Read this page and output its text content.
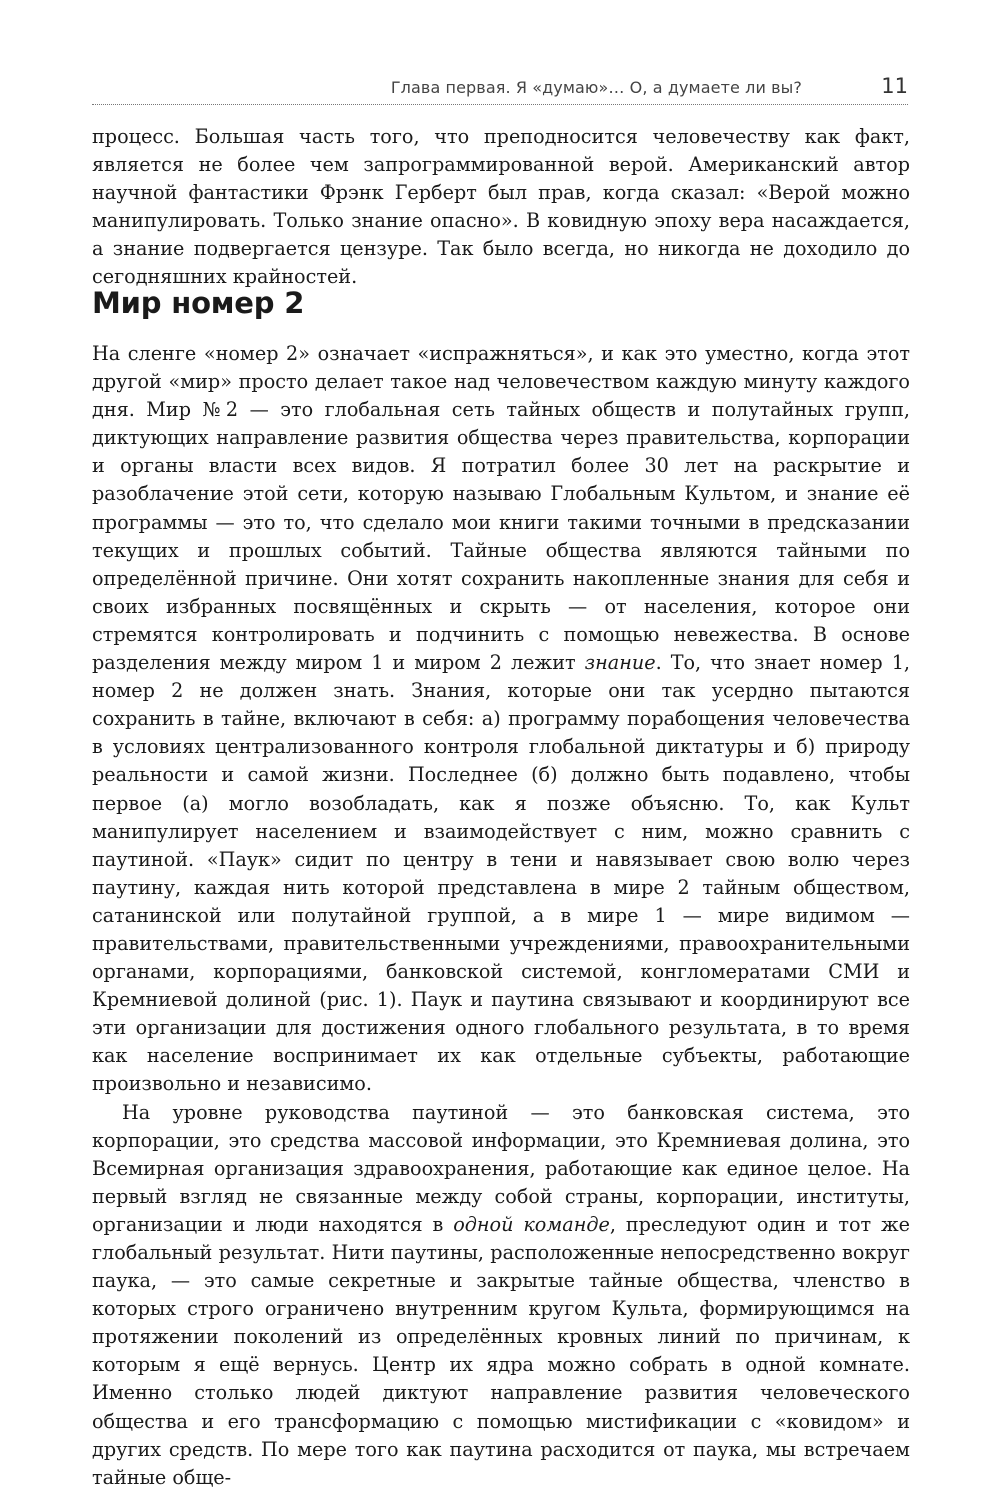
Глава первая. Я «думаю»… О, а думаете ли вы?	11

процесс. Большая часть того, что преподносится человечеству как факт, является не более чем запрограммированной верой. Американский автор научной фантастики Фрэнк Герберт был прав, когда сказал: «Верой можно манипулировать. Только знание опасно». В ковидную эпоху вера насаждается, а знание подвергается цензуре. Так было всегда, но никогда не доходило до сегодняшних крайностей.

Мир номер 2

На сленге «номер 2» означает «испражняться», и как это уместно, когда этот другой «мир» просто делает такое над человечеством каждую минуту каждого дня. Мир №2 — это глобальная сеть тайных обществ и полутайных групп, диктующих направление развития общества через правительства, корпорации и органы власти всех видов. Я потратил более 30 лет на раскрытие и разоблачение этой сети, которую называю Глобальным Культом, и знание её программы — это то, что сделало мои книги такими точными в предсказании текущих и прошлых событий. Тайные общества являются тайными по определённой причине. Они хотят сохранить накопленные знания для себя и своих избранных посвящённых и скрыть — от населения, которое они стремятся контролировать и подчинить с помощью невежества. В основе разделения между миром 1 и миром 2 лежит знание. То, что знает номер 1, номер 2 не должен знать. Знания, которые они так усердно пытаются сохранить в тайне, включают в себя: а) программу порабощения человечества в условиях централизованного контроля глобальной диктатуры и б) природу реальности и самой жизни. Последнее (б) должно быть подавлено, чтобы первое (а) могло возобладать, как я позже объясню. То, как Культ манипулирует населением и взаимодействует с ним, можно сравнить с паутиной. «Паук» сидит по центру в тени и навязывает свою волю через паутину, каждая нить которой представлена в мире 2 тайным обществом, сатанинской или полутайной группой, а в мире 1 — мире видимом — правительствами, правительственными учреждениями, правоохранительными органами, корпорациями, банковской системой, конгломератами СМИ и Кремниевой долиной (рис. 1). Паук и паутина связывают и координируют все эти организации для достижения одного глобального результата, в то время как население воспринимает их как отдельные субъекты, работающие произвольно и независимо.

На уровне руководства паутиной — это банковская система, это корпорации, это средства массовой информации, это Кремниевая долина, это Всемирная организация здравоохранения, работающие как единое целое. На первый взгляд не связанные между собой страны, корпорации, институты, организации и люди находятся в одной команде, преследуют один и тот же глобальный результат. Нити паутины, расположенные непосредственно вокруг паука, — это самые секретные и закрытые тайные общества, членство в которых строго ограничено внутренним кругом Культа, формирующимся на протяжении поколений из определённых кровных линий по причинам, к которым я ещё вернусь. Центр их ядра можно собрать в одной комнате. Именно столько людей диктуют направление развития человеческого общества и его трансформацию с помощью мистификации с «ковидом» и других средств. По мере того как паутина расходится от паука, мы встречаем тайные обще-
